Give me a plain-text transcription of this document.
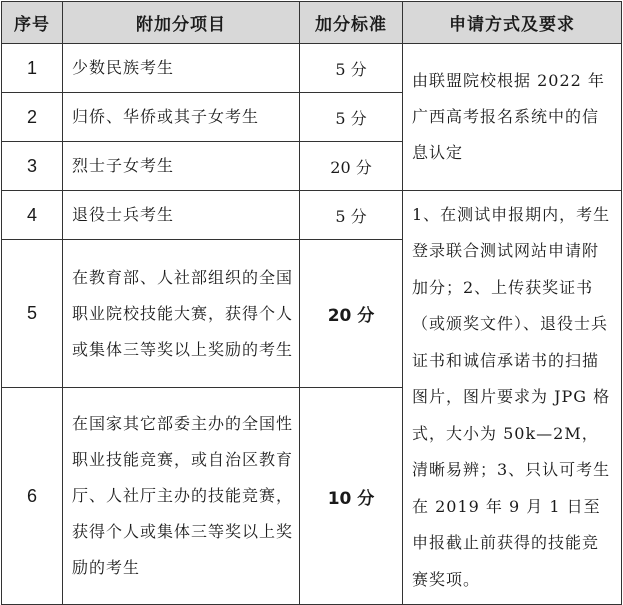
序号	附加分项目	加分标准	申请方式及要求
1	少数民族考生	5 分	由联盟院校根据 2022 年广西高考报名系统中的信息认定
2	归侨、华侨或其子女考生	5 分	
3	烈士子女考生	20 分	
4	退役士兵考生	5 分	1、在测试申报期内，考生登录联合测试网站申请附加分；2、上传获奖证书（或颁奖文件）、退役士兵证书和诚信承诺书的扫描图片，图片要求为 JPG 格式，大小为 50k—2M，清晰易辨；3、只认可考生在 2019 年 9 月 1 日至申报截止前获得的技能竞赛奖项。
5	在教育部、人社部组织的全国职业院校技能大赛，获得个人或集体三等奖以上奖励的考生	20 分	
6	在国家其它部委主办的全国性职业技能竞赛，或自治区教育厅、人社厅主办的技能竞赛，获得个人或集体三等奖以上奖励的考生	10 分	
